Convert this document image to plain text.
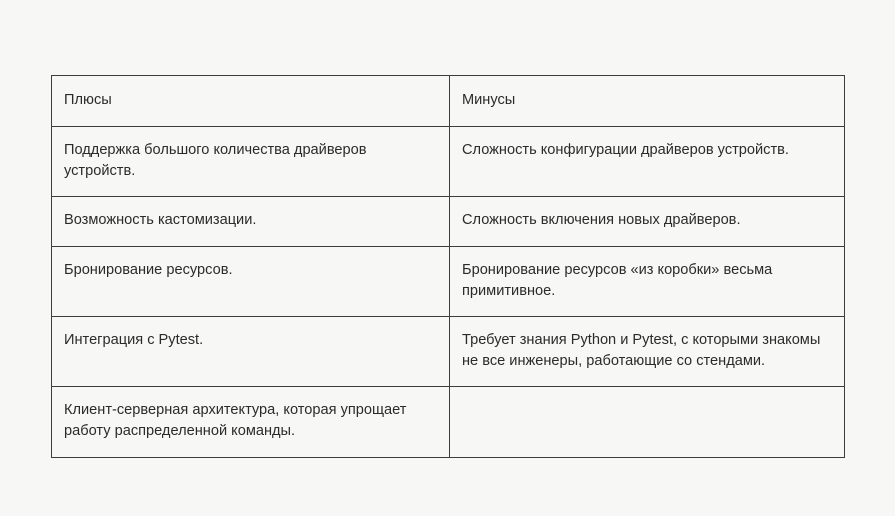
Плюсы	Минусы

Поддержка большого количества драйверов устройств.	Сложность конфигурации драйверов устройств.

Возможность кастомизации.	Сложность включения новых драйверов.

Бронирование ресурсов.	Бронирование ресурсов «из коробки» весьма примитивное.

Интеграция с Pytest.	Требует знания Python и Pytest, с которыми знакомы не все инженеры, работающие со стендами.

Клиент-серверная архитектура, которая упрощает работу распределенной команды.	
